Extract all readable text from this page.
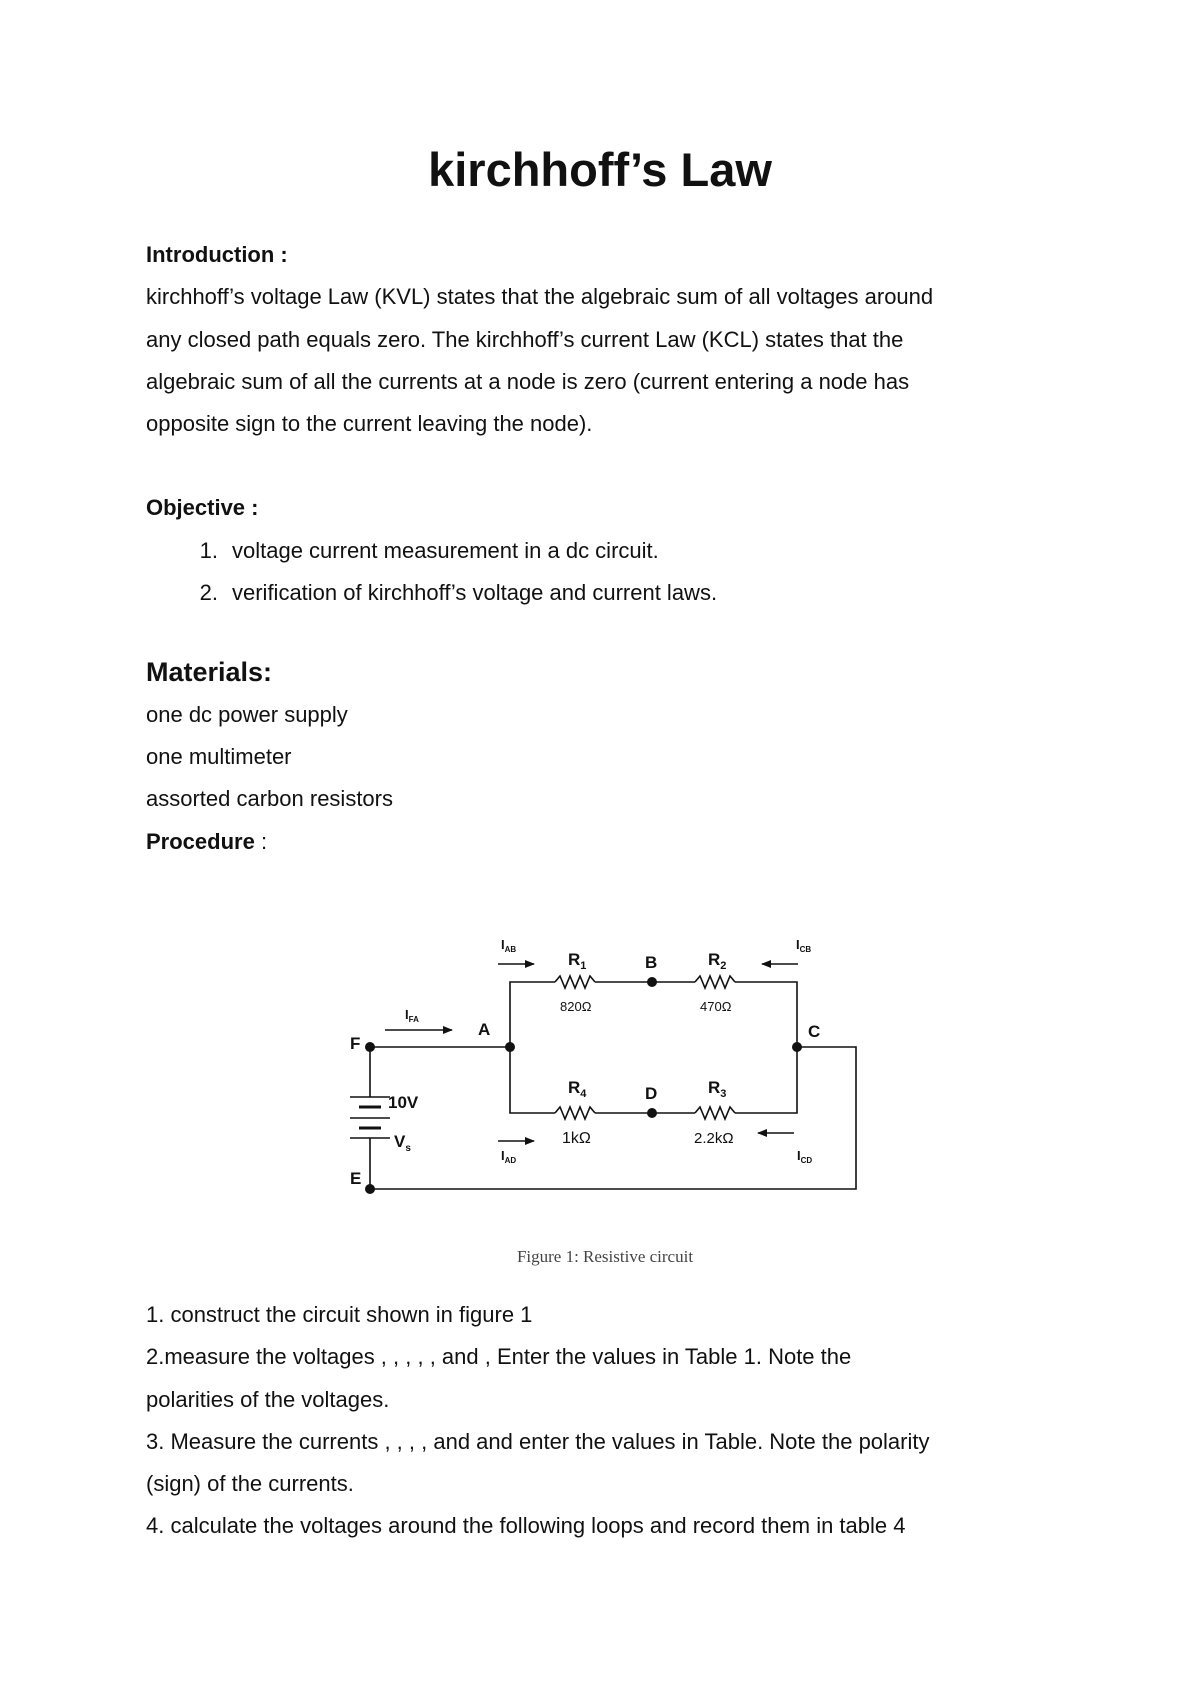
kirchhoff’s Law

Introduction :

kirchhoff’s voltage Law (KVL) states that the algebraic sum of all voltages around

any closed path equals zero. The kirchhoff’s current Law (KCL) states that the

algebraic sum of all the currents at a node is zero (current entering a node has

opposite sign to the current leaving the node).

Objective :

1. voltage current measurement in a dc circuit.
2. verification of kirchhoff’s voltage and current laws.

Materials:

one dc power supply

one multimeter

assorted carbon resistors

Procedure :

F
A
B
C
D
E
$R_1$	$R_2$
$R_4$	$R_3$
820Ω	470Ω
1kΩ	2.2kΩ
10V
$V_s$
$I_{AB}$	$I_{CB}$
$I_{FA}$
$I_{AD}$	$I_{CD}$
Figure 1: Resistive circuit

1. construct the circuit shown in figure 1

2.measure the voltages , , , , , and , Enter the values in Table 1. Note the

polarities of the voltages.

3. Measure the currents , , , , and and enter the values in Table. Note the polarity

(sign) of the currents.

4. calculate the voltages around the following loops and record them in table 4
